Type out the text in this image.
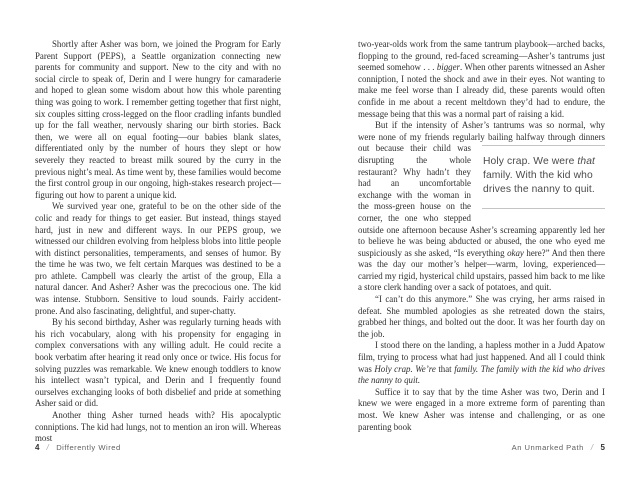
Shortly after Asher was born, we joined the Program for Early Parent Support (PEPS), a Seattle organization connecting new parents for community and support. New to the city and with no social circle to speak of, Derin and I were hungry for camaraderie and hoped to glean some wisdom about how this whole parenting thing was going to work. I remember getting together that first night, six couples sitting cross-legged on the floor cradling infants bundled up for the fall weather, nervously sharing our birth stories. Back then, we were all on equal footing—our babies blank slates, differentiated only by the number of hours they slept or how severely they reacted to breast milk soured by the curry in the previous night’s meal. As time went by, these families would become the first control group in our ongoing, high-stakes research project—figuring out how to parent a unique kid.

We survived year one, grateful to be on the other side of the colic and ready for things to get easier. But instead, things stayed hard, just in new and different ways. In our PEPS group, we witnessed our children evolving from helpless blobs into little people with distinct personalities, temperaments, and senses of humor. By the time he was two, we felt certain Marques was destined to be a pro athlete. Campbell was clearly the artist of the group, Ella a natural dancer. And Asher? Asher was the precocious one. The kid was intense. Stubborn. Sensitive to loud sounds. Fairly accident-prone. And also fascinating, delightful, and super-chatty.

By his second birthday, Asher was regularly turning heads with his rich vocabulary, along with his propensity for engaging in complex conversations with any willing adult. He could recite a book verbatim after hearing it read only once or twice. His focus for solving puzzles was remarkable. We knew enough toddlers to know his intellect wasn’t typical, and Derin and I frequently found ourselves exchanging looks of both disbelief and pride at something Asher said or did.

Another thing Asher turned heads with? His apocalyptic conniptions. The kid had lungs, not to mention an iron will. Whereas most

two-year-olds work from the same tantrum playbook—arched backs, flopping to the ground, red-faced screaming—Asher’s tantrums just seemed somehow . . . bigger. When other parents witnessed an Asher conniption, I noted the shock and awe in their eyes. Not wanting to make me feel worse than I already did, these parents would often confide in me about a recent meltdown they’d had to endure, the message being that this was a normal part of raising a kid.

But if the intensity of Asher’s tantrums was so normal, why were none of my friends regularly bailing halfway through dinners out
Holy crap. We were that family. With the kid who drives the nanny to quit.
because their child was disrupting the whole restaurant? Why hadn’t they had an uncomfortable exchange with the woman in the moss-green house on the corner, the one who stepped outside one afternoon because Asher’s screaming apparently led her to believe he was being abducted or abused, the one who eyed me suspiciously as she asked, “Is everything okay here?” And then there was the day our mother’s helper—warm, loving, experienced—carried my rigid, hysterical child upstairs, passed him back to me like a store clerk handing over a sack of potatoes, and quit.

“I can’t do this anymore.” She was crying, her arms raised in defeat. She mumbled apologies as she retreated down the stairs, grabbed her things, and bolted out the door. It was her fourth day on the job.

I stood there on the landing, a hapless mother in a Judd Apatow film, trying to process what had just happened. And all I could think was Holy crap. We’re that family. The family with the kid who drives the nanny to quit.

Suffice it to say that by the time Asher was two, Derin and I knew we were engaged in a more extreme form of parenting than most. We knew Asher was intense and challenging, or as one parenting book

4 / Differently Wired	An Unmarked Path / 5
